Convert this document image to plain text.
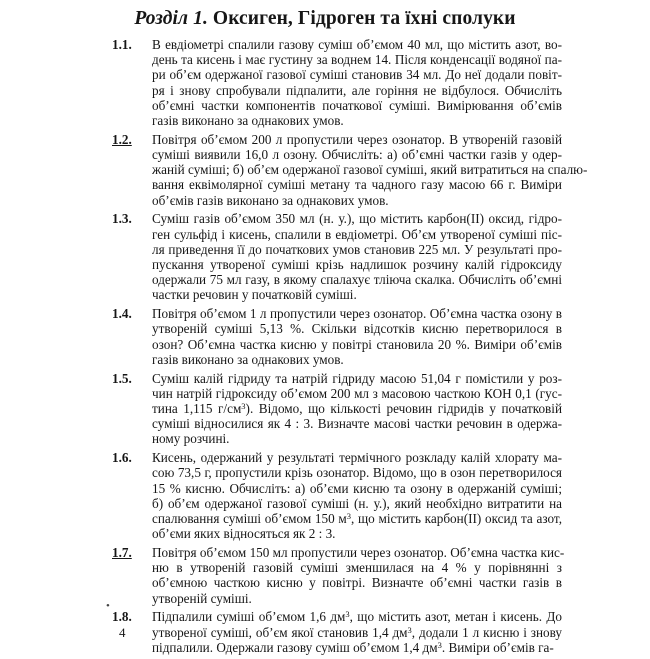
Розділ 1. Оксиген, Гідроген та їхні сполуки
1.1. В евдіометрі спалили газову суміш об’ємом 40 мл, що містить азот, во-
день та кисень і має густину за воднем 14. Після конденсації водяної па-
ри об’єм одержаної газової суміші становив 34 мл. До неї додали повіт-
ря і знову спробували підпалити, але горіння не відбулося. Обчисліть
об’ємні частки компонентів початкової суміші. Вимірювання об’ємів
газів виконано за однакових умов.
1.2. Повітря об’ємом 200 л пропустили через озонатор. В утвореній газовій
суміші виявили 16,0 л озону. Обчисліть: а) об’ємні частки газів у одер-
жаній суміші; б) об’єм одержаної газової суміші, який витратиться на спалю-
вання еквімолярної суміші метану та чадного газу масою 66 г. Виміри
об’ємів газів виконано за однакових умов.
1.3. Суміш газів об’ємом 350 мл (н. у.), що містить карбон(II) оксид, гідро-
ген сульфід і кисень, спалили в евдіометрі. Об’єм утвореної суміші піс-
ля приведення її до початкових умов становив 225 мл. У результаті про-
пускання утвореної суміші крізь надлишок розчину калій гідроксиду
одержали 75 мл газу, в якому спалахує тліюча скалка. Обчисліть об’ємні
частки речовин у початковій суміші.
1.4. Повітря об’ємом 1 л пропустили через озонатор. Об’ємна частка озону в
утвореній суміші 5,13 %. Скільки відсотків кисню перетворилося в
озон? Об’ємна частка кисню у повітрі становила 20 %. Виміри об’ємів
газів виконано за однакових умов.
1.5. Суміш калій гідриду та натрій гідриду масою 51,04 г помістили у роз-
чин натрій гідроксиду об’ємом 200 мл з масовою часткою КОН 0,1 (гус-
тина 1,115 $г/см^3$). Відомо, що кількості речовин гідридів у початковій
суміші відносилися як 4 : 3. Визначте масові частки речовин в одержа-
ному розчині.
1.6. Кисень, одержаний у результаті термічного розкладу калій хлорату ма-
сою 73,5 г, пропустили крізь озонатор. Відомо, що в озон перетворилося
15 % кисню. Обчисліть: а) об’єми кисню та озону в одержаній суміші;
б) об’єм одержаної газової суміші (н. у.), який необхідно витратити на
спалювання суміші об’ємом 150 $м^3$, що містить карбон(II) оксид та азот,
об’єми яких відносяться як 2 : 3.
1.7. Повітря об’ємом 150 мл пропустили через озонатор. Об’ємна частка кис-
ню в утвореній газовій суміші зменшилася на 4 % у порівнянні з
об’ємною часткою кисню у повітрі. Визначте об’ємні частки газів в
утвореній суміші.
1.8. Підпалили суміші об’ємом 1,6 $дм^3$, що містить азот, метан і кисень. До
утвореної суміші, об’єм якої становив 1,4 $дм^3$, додали 1 л кисню і знову
підпалили. Одержали газову суміш об’ємом 1,4 $дм^3$. Виміри об’ємів га-
•
4
